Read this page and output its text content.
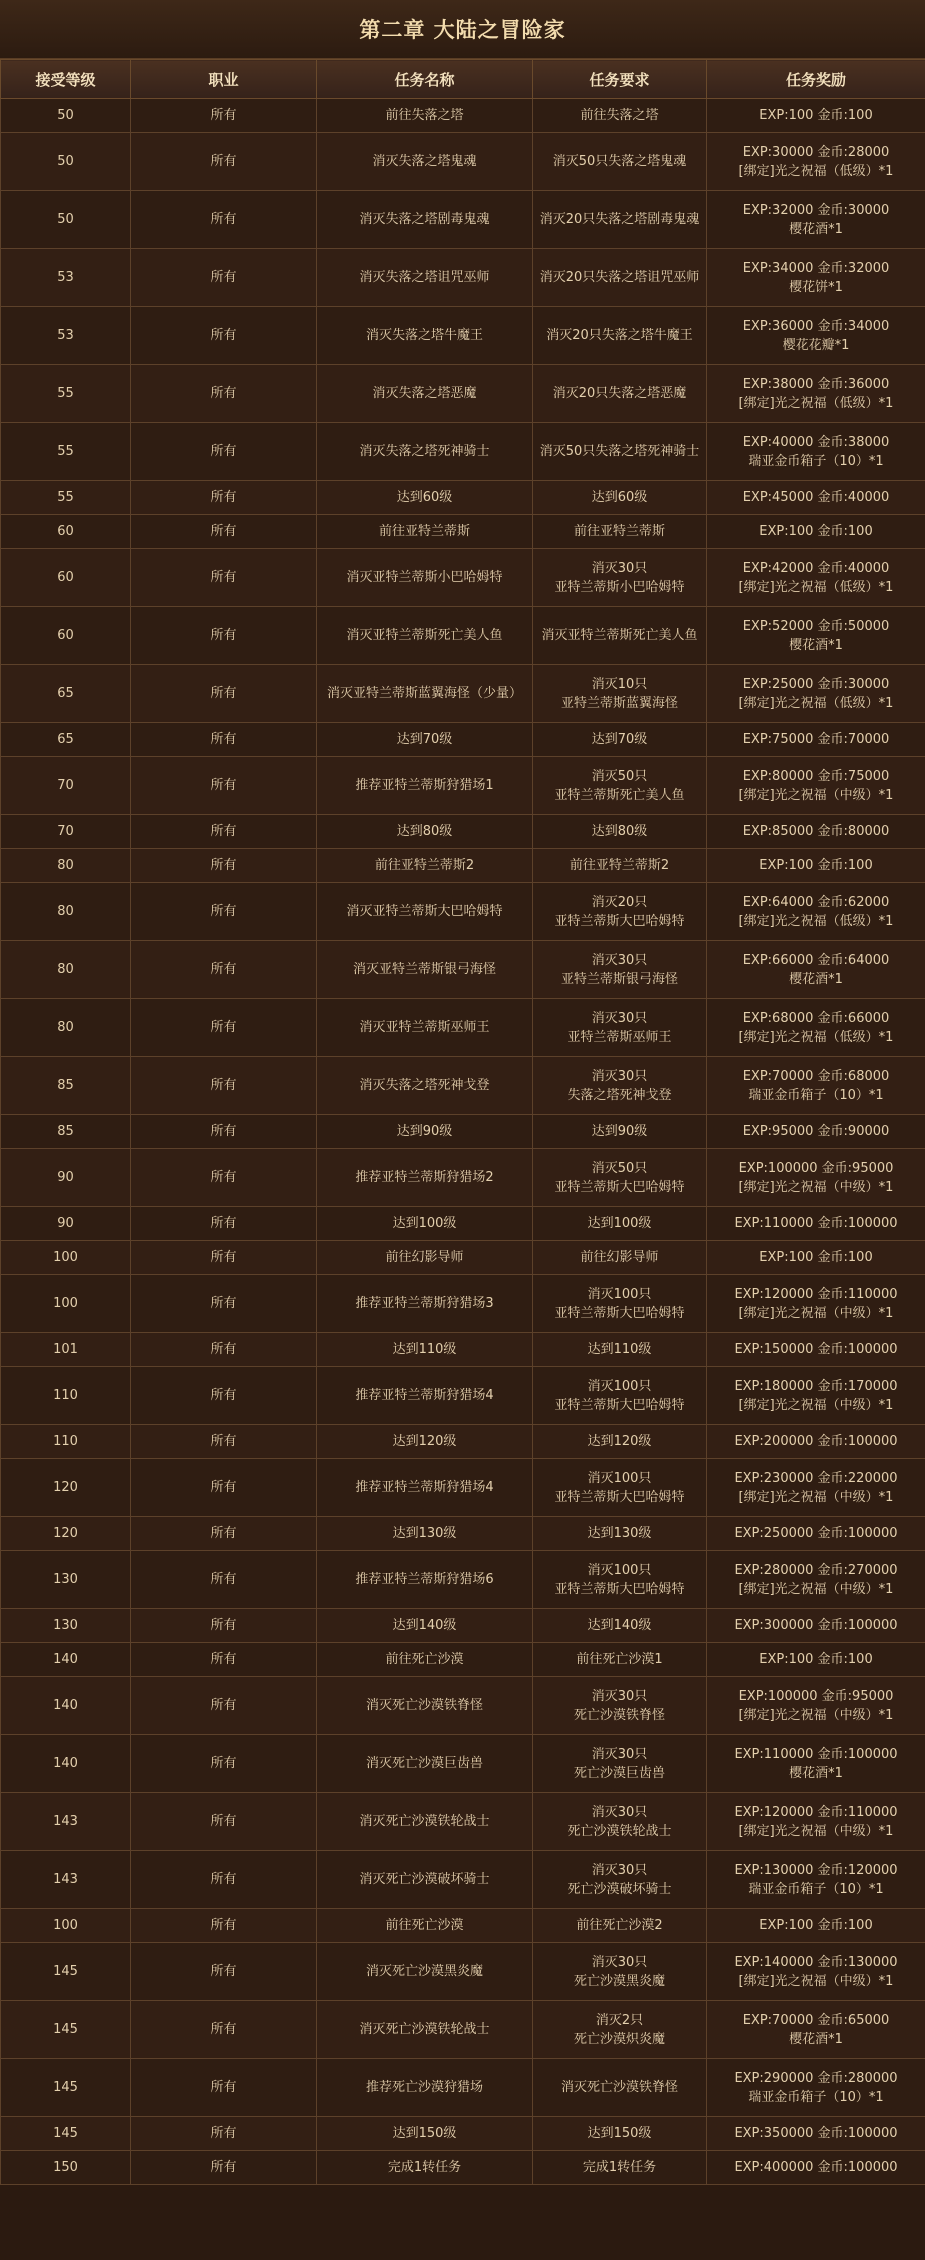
第二章 大陆之冒险家
接受等级	职业	任务名称	任务要求	任务奖励
50	所有	前往失落之塔	前往失落之塔	EXP:100 金币:100

50	所有	消灭失落之塔鬼魂	消灭50只失落之塔鬼魂	EXP:30000 金币:28000
[绑定]光之祝福（低级）*1

50	所有	消灭失落之塔剧毒鬼魂	消灭20只失落之塔剧毒鬼魂	EXP:32000 金币:30000
樱花酒*1

53	所有	消灭失落之塔诅咒巫师	消灭20只失落之塔诅咒巫师	EXP:34000 金币:32000
樱花饼*1

53	所有	消灭失落之塔牛魔王	消灭20只失落之塔牛魔王	EXP:36000 金币:34000
樱花花瓣*1

55	所有	消灭失落之塔恶魔	消灭20只失落之塔恶魔	EXP:38000 金币:36000
[绑定]光之祝福（低级）*1

55	所有	消灭失落之塔死神骑士	消灭50只失落之塔死神骑士	EXP:40000 金币:38000
瑞亚金币箱子（10）*1

55	所有	达到60级	达到60级	EXP:45000 金币:40000

60	所有	前往亚特兰蒂斯	前往亚特兰蒂斯	EXP:100 金币:100

60	所有	消灭亚特兰蒂斯小巴哈姆特	消灭30只
亚特兰蒂斯小巴哈姆特	EXP:42000 金币:40000
[绑定]光之祝福（低级）*1

60	所有	消灭亚特兰蒂斯死亡美人鱼	消灭亚特兰蒂斯死亡美人鱼	EXP:52000 金币:50000
樱花酒*1

65	所有	消灭亚特兰蒂斯蓝翼海怪（少量）	消灭10只
亚特兰蒂斯蓝翼海怪	EXP:25000 金币:30000
[绑定]光之祝福（低级）*1

65	所有	达到70级	达到70级	EXP:75000 金币:70000

70	所有	推荐亚特兰蒂斯狩猎场1	消灭50只
亚特兰蒂斯死亡美人鱼	EXP:80000 金币:75000
[绑定]光之祝福（中级）*1

70	所有	达到80级	达到80级	EXP:85000 金币:80000

80	所有	前往亚特兰蒂斯2	前往亚特兰蒂斯2	EXP:100 金币:100

80	所有	消灭亚特兰蒂斯大巴哈姆特	消灭20只
亚特兰蒂斯大巴哈姆特	EXP:64000 金币:62000
[绑定]光之祝福（低级）*1

80	所有	消灭亚特兰蒂斯银弓海怪	消灭30只
亚特兰蒂斯银弓海怪	EXP:66000 金币:64000
樱花酒*1

80	所有	消灭亚特兰蒂斯巫师王	消灭30只
亚特兰蒂斯巫师王	EXP:68000 金币:66000
[绑定]光之祝福（低级）*1

85	所有	消灭失落之塔死神戈登	消灭30只
失落之塔死神戈登	EXP:70000 金币:68000
瑞亚金币箱子（10）*1

85	所有	达到90级	达到90级	EXP:95000 金币:90000

90	所有	推荐亚特兰蒂斯狩猎场2	消灭50只
亚特兰蒂斯大巴哈姆特	EXP:100000 金币:95000
[绑定]光之祝福（中级）*1

90	所有	达到100级	达到100级	EXP:110000 金币:100000

100	所有	前往幻影导师	前往幻影导师	EXP:100 金币:100

100	所有	推荐亚特兰蒂斯狩猎场3	消灭100只
亚特兰蒂斯大巴哈姆特	EXP:120000 金币:110000
[绑定]光之祝福（中级）*1

101	所有	达到110级	达到110级	EXP:150000 金币:100000

110	所有	推荐亚特兰蒂斯狩猎场4	消灭100只
亚特兰蒂斯大巴哈姆特	EXP:180000 金币:170000
[绑定]光之祝福（中级）*1

110	所有	达到120级	达到120级	EXP:200000 金币:100000

120	所有	推荐亚特兰蒂斯狩猎场4	消灭100只
亚特兰蒂斯大巴哈姆特	EXP:230000 金币:220000
[绑定]光之祝福（中级）*1

120	所有	达到130级	达到130级	EXP:250000 金币:100000

130	所有	推荐亚特兰蒂斯狩猎场6	消灭100只
亚特兰蒂斯大巴哈姆特	EXP:280000 金币:270000
[绑定]光之祝福（中级）*1

130	所有	达到140级	达到140级	EXP:300000 金币:100000

140	所有	前往死亡沙漠	前往死亡沙漠1	EXP:100 金币:100

140	所有	消灭死亡沙漠铁脊怪	消灭30只
死亡沙漠铁脊怪	EXP:100000 金币:95000
[绑定]光之祝福（中级）*1

140	所有	消灭死亡沙漠巨齿兽	消灭30只
死亡沙漠巨齿兽	EXP:110000 金币:100000
樱花酒*1

143	所有	消灭死亡沙漠铁轮战士	消灭30只
死亡沙漠铁轮战士	EXP:120000 金币:110000
[绑定]光之祝福（中级）*1

143	所有	消灭死亡沙漠破坏骑士	消灭30只
死亡沙漠破坏骑士	EXP:130000 金币:120000
瑞亚金币箱子（10）*1

100	所有	前往死亡沙漠	前往死亡沙漠2	EXP:100 金币:100

145	所有	消灭死亡沙漠黑炎魔	消灭30只
死亡沙漠黑炎魔	EXP:140000 金币:130000
[绑定]光之祝福（中级）*1

145	所有	消灭死亡沙漠铁轮战士	消灭2只
死亡沙漠炽炎魔	EXP:70000 金币:65000
樱花酒*1

145	所有	推荐死亡沙漠狩猎场	消灭死亡沙漠铁脊怪	EXP:290000 金币:280000
瑞亚金币箱子（10）*1

145	所有	达到150级	达到150级	EXP:350000 金币:100000

150	所有	完成1转任务	完成1转任务	EXP:400000 金币:100000
